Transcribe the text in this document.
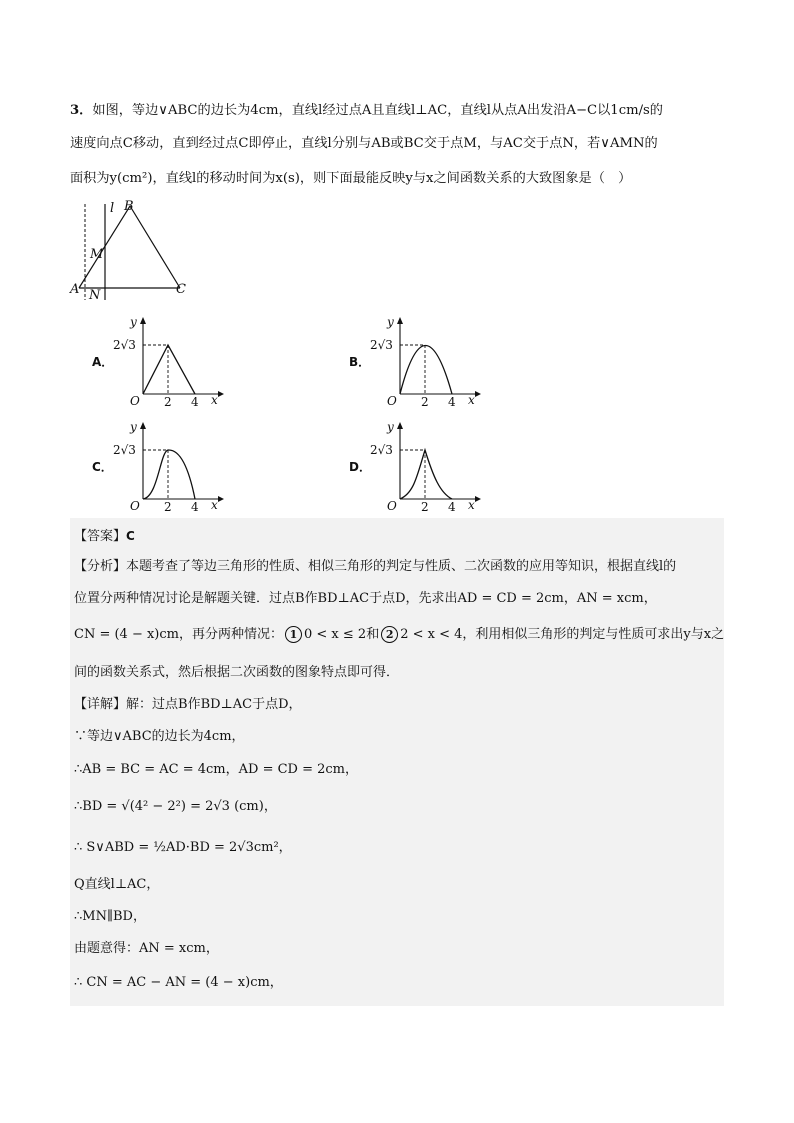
3．如图，等边∨ABC的边长为4cm，直线l经过点A且直线l⊥AC，直线l从点A出发沿A−C以1cm/s的
速度向点C移动，直到经过点C即停止，直线l分别与AB或BC交于点M，与AC交于点N，若∨AMN的
面积为y(cm²)，直线l的移动时间为x(s)，则下面最能反映y与x之间函数关系的大致图象是（　）
l B
M
A N	C
A．	B．
C．	D．
y
x
O
2√3
2 4
y
x
O
2√3
2 4
y
x
O
2√3
2 4
y
x
O
2√3
2 4
【答案】C
【分析】本题考查了等边三角形的性质、相似三角形的判定与性质、二次函数的应用等知识，根据直线l的
位置分两种情况讨论是解题关键．过点B作BD⊥AC于点D，先求出AD = CD = 2cm，AN = xcm，
CN = (4 − x)cm，再分两种情况： 1 0 < x ≤ 2和 2 2 < x < 4，利用相似三角形的判定与性质可求出y与x之
间的函数关系式，然后根据二次函数的图象特点即可得．
【详解】解：过点B作BD⊥AC于点D，
∵等边∨ABC的边长为4cm，
∴AB = BC = AC = 4cm，AD = CD = 2cm，
∴BD = √(4² − 2²) = 2√3 (cm)，
∴ S∨ABD = ½AD·BD = 2√3cm²，
Q直线l⊥AC，
∴MN∥BD，
由题意得：AN = xcm，
∴ CN = AC − AN = (4 − x)cm，
